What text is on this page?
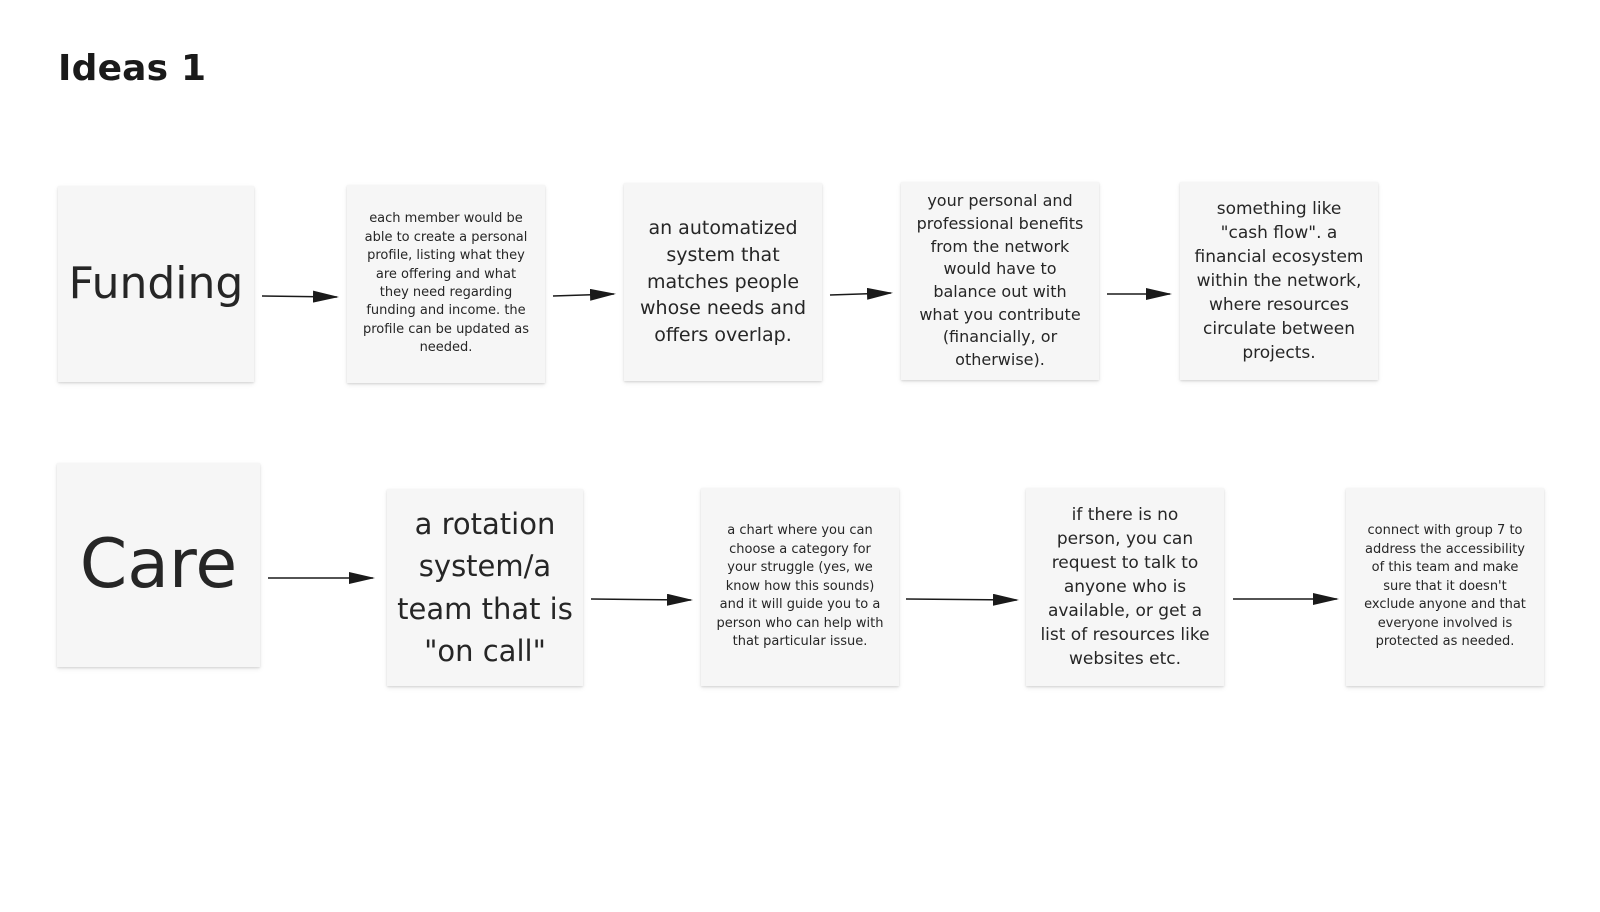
Ideas 1
Funding
each member would be able to create a personal profile, listing what they are offering and what they need regarding funding and income. the profile can be updated as needed.
an automatized system that matches people whose needs and offers overlap.
your personal and professional benefits from the network would have to balance out with what you contribute (financially, or otherwise).
something like "cash flow". a financial ecosystem within the network, where resources circulate between projects.
Care
a rotation system/a team that is "on call"
a chart where you can choose a category for your struggle (yes, we know how this sounds) and it will guide you to a person who can help with that particular issue.
if there is no person, you can request to talk to anyone who is available, or get a list of resources like websites etc.
connect with group 7 to address the accessibility of this team and make sure that it doesn't exclude anyone and that everyone involved is protected as needed.
